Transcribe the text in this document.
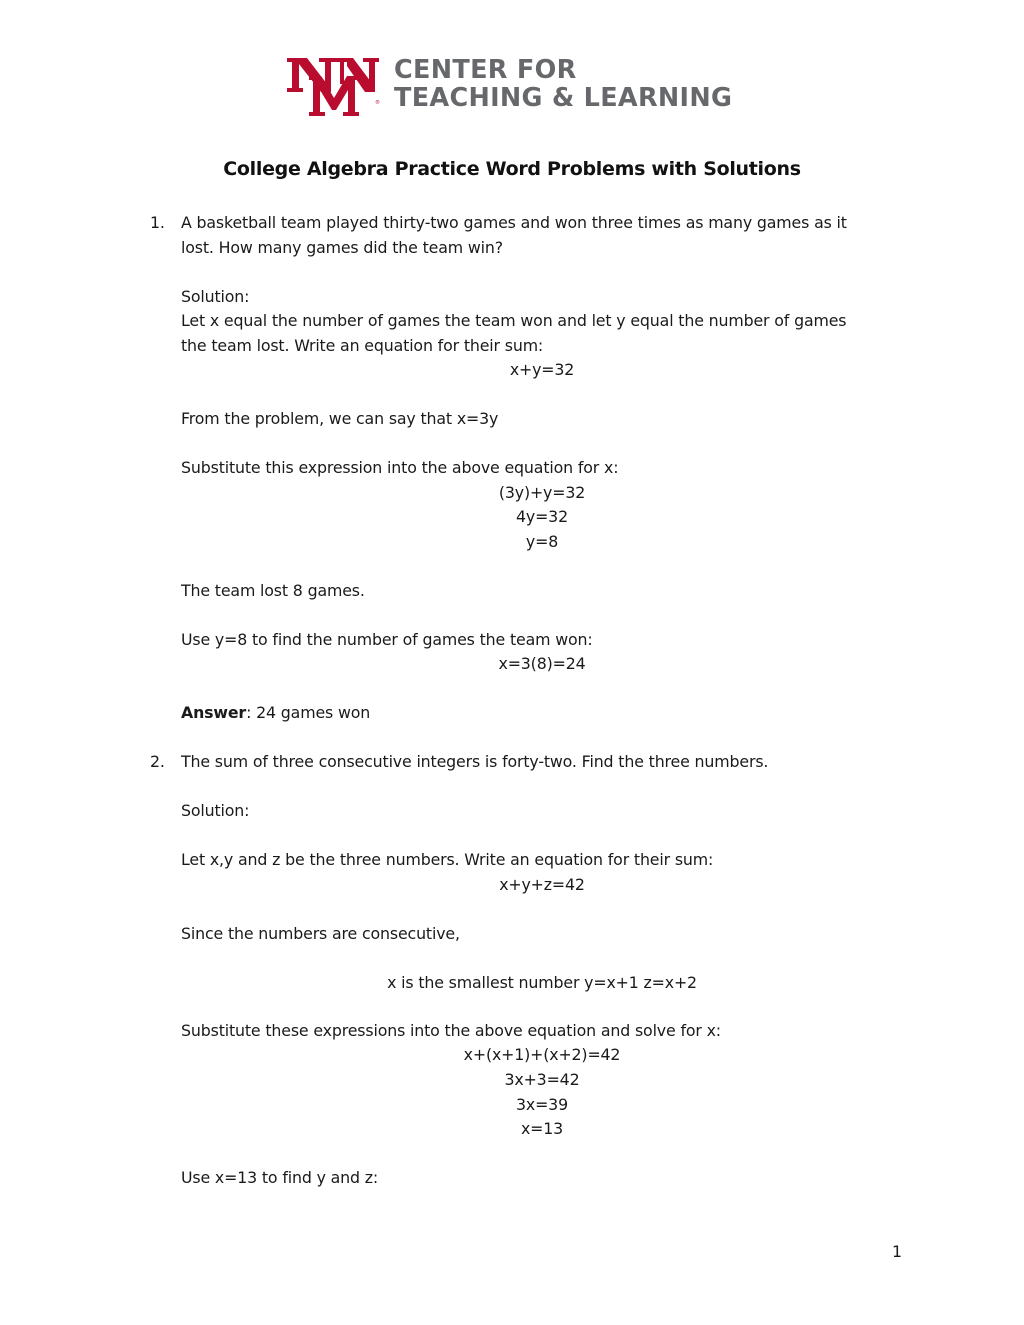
®
CENTER FOR
TEACHING & LEARNING
College Algebra Practice Word Problems with Solutions
1. A basketball team played thirty-two games and won three times as many games as it
lost. How many games did the team win?
Solution:
Let x equal the number of games the team won and let y equal the number of games
the team lost. Write an equation for their sum:
x+y=32
From the problem, we can say that x=3y
Substitute this expression into the above equation for x:
(3y)+y=32
4y=32
y=8
The team lost 8 games.
Use y=8 to find the number of games the team won:
x=3(8)=24
Answer: 24 games won
2. The sum of three consecutive integers is forty-two. Find the three numbers.
Solution:
Let x,y and z be the three numbers. Write an equation for their sum:
x+y+z=42
Since the numbers are consecutive,
x is the smallest number y=x+1 z=x+2
Substitute these expressions into the above equation and solve for x:
x+(x+1)+(x+2)=42
3x+3=42
3x=39
x=13
Use x=13 to find y and z:
1
